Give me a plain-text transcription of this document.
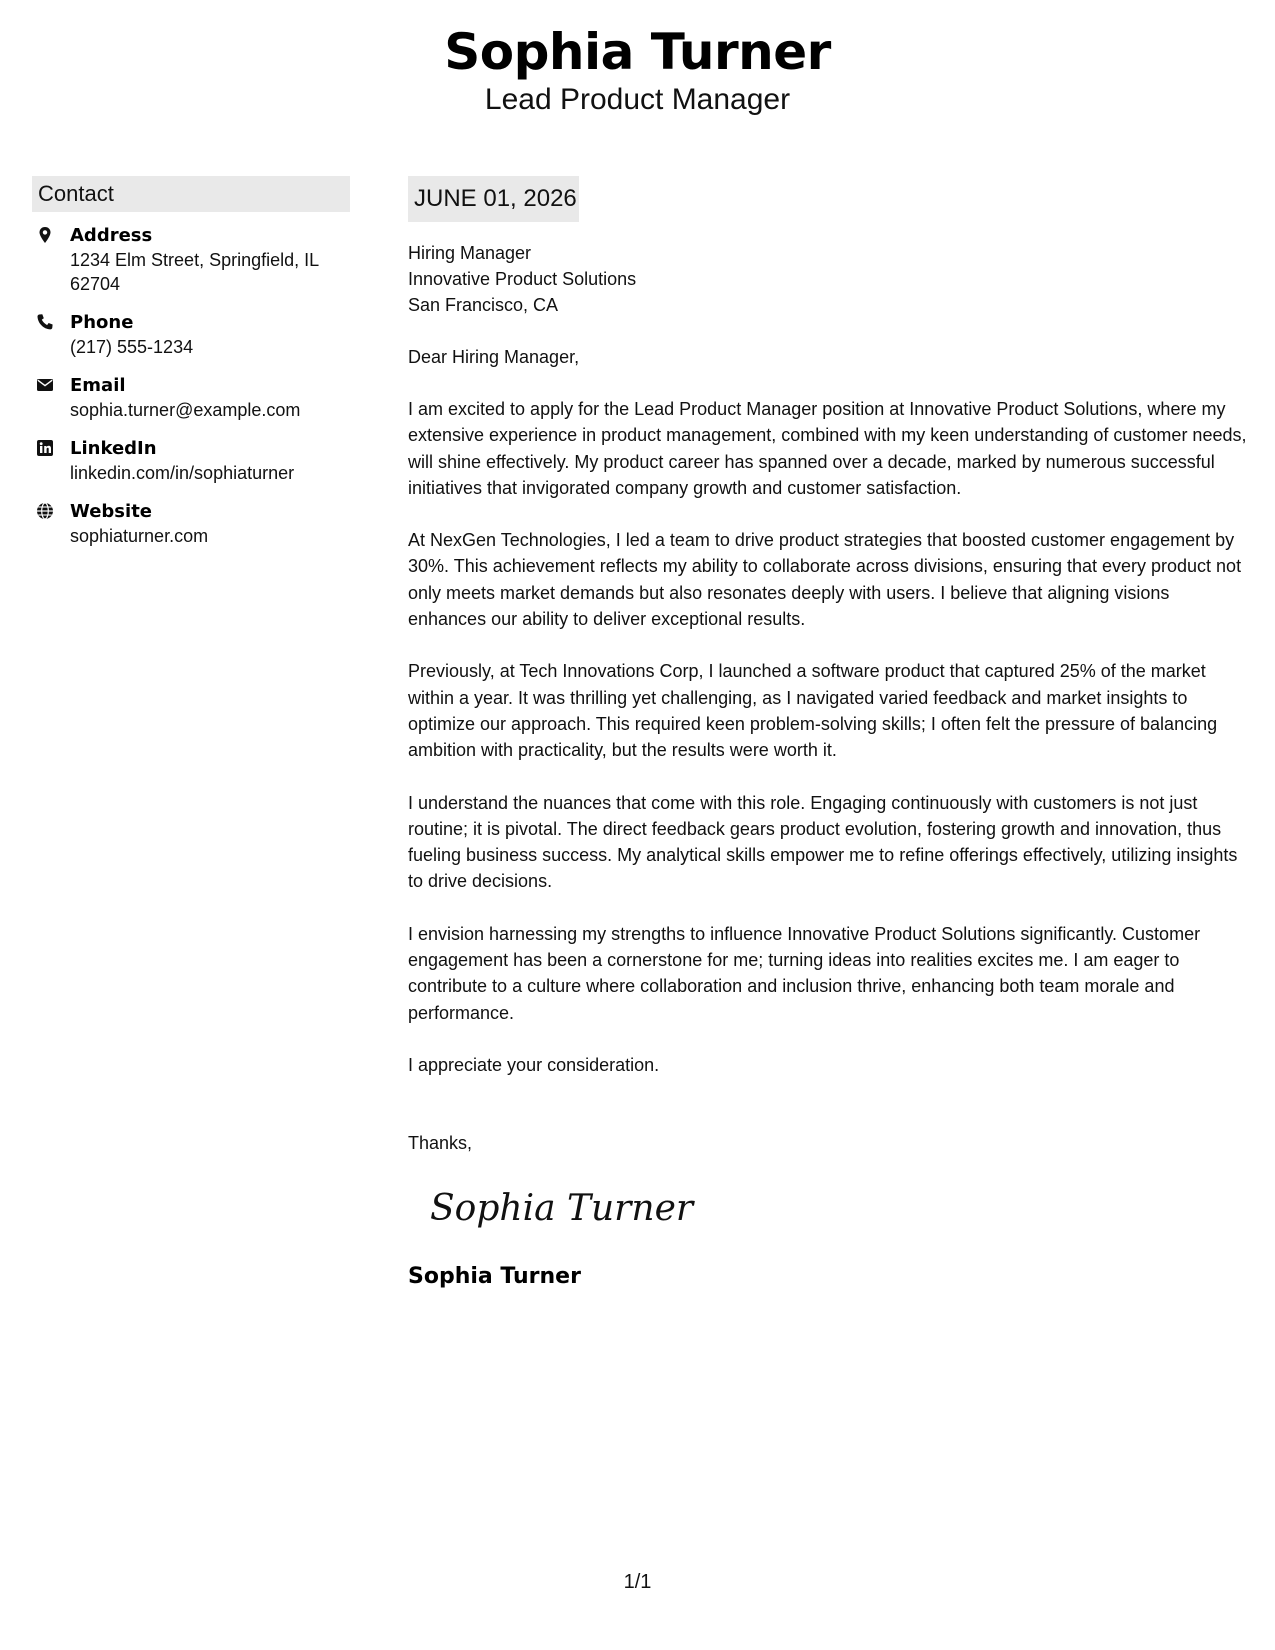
Sophia Turner
Lead Product Manager
Contact
Address
1234 Elm Street, Springfield, IL 62704
Phone
(217) 555-1234
Email
sophia.turner@example.com
LinkedIn
linkedin.com/in/sophiaturner
Website
sophiaturner.com
JUNE 01, 2026
Hiring Manager
Innovative Product Solutions
San Francisco, CA
Dear Hiring Manager,
I am excited to apply for the Lead Product Manager position at Innovative Product Solutions, where my extensive experience in product management, combined with my keen understanding of customer needs, will shine effectively. My product career has spanned over a decade, marked by numerous successful initiatives that invigorated company growth and customer satisfaction.
At NexGen Technologies, I led a team to drive product strategies that boosted customer engagement by 30%. This achievement reflects my ability to collaborate across divisions, ensuring that every product not only meets market demands but also resonates deeply with users. I believe that aligning visions enhances our ability to deliver exceptional results.
Previously, at Tech Innovations Corp, I launched a software product that captured 25% of the market within a year. It was thrilling yet challenging, as I navigated varied feedback and market insights to optimize our approach. This required keen problem-solving skills; I often felt the pressure of balancing ambition with practicality, but the results were worth it.
I understand the nuances that come with this role. Engaging continuously with customers is not just routine; it is pivotal. The direct feedback gears product evolution, fostering growth and innovation, thus fueling business success. My analytical skills empower me to refine offerings effectively, utilizing insights to drive decisions.
I envision harnessing my strengths to influence Innovative Product Solutions significantly. Customer engagement has been a cornerstone for me; turning ideas into realities excites me. I am eager to contribute to a culture where collaboration and inclusion thrive, enhancing both team morale and performance.
I appreciate your consideration.
Thanks,
Sophia Turner
Sophia Turner
1/1
